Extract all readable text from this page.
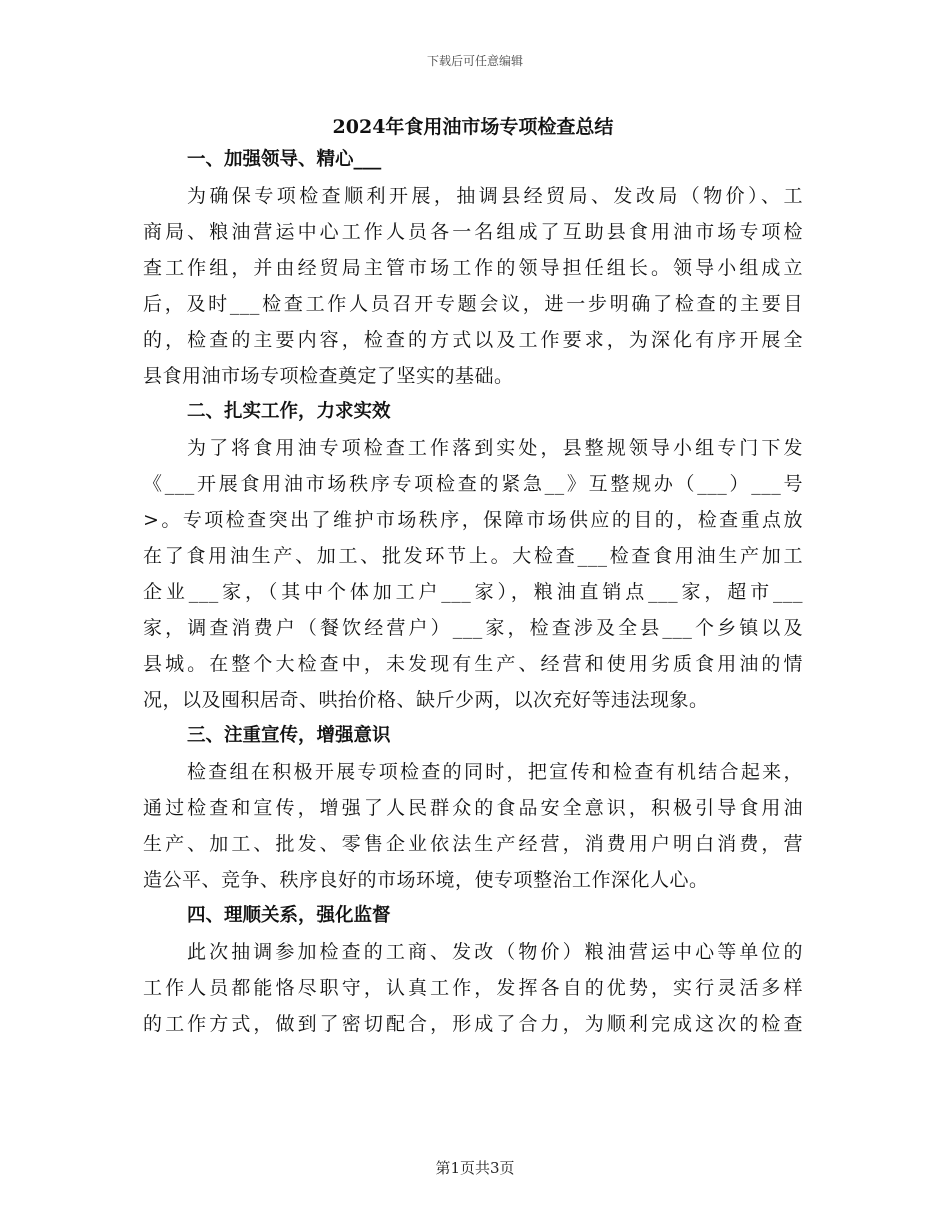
下载后可任意编辑
2024年食用油市场专项检查总结
一、加强领导、精心___

为确保专项检查顺利开展，抽调县经贸局、发改局（物价）、工

商局、粮油营运中心工作人员各一名组成了互助县食用油市场专项检

查工作组，并由经贸局主管市场工作的领导担任组长。领导小组成立

后，及时___检查工作人员召开专题会议，进一步明确了检查的主要目

的，检查的主要内容，检查的方式以及工作要求，为深化有序开展全

县食用油市场专项检查奠定了坚实的基础。

二、扎实工作，力求实效

为了将食用油专项检查工作落到实处，县整规领导小组专门下发

《___开展食用油市场秩序专项检查的紧急__》互整规办（___）___号

>。专项检查突出了维护市场秩序，保障市场供应的目的，检查重点放

在了食用油生产、加工、批发环节上。大检查___检查食用油生产加工

企业___家，（其中个体加工户___家），粮油直销点___家，超市___

家，调查消费户（餐饮经营户）___家，检查涉及全县___个乡镇以及

县城。在整个大检查中，未发现有生产、经营和使用劣质食用油的情

况，以及囤积居奇、哄抬价格、缺斤少两，以次充好等违法现象。

三、注重宣传，增强意识

检查组在积极开展专项检查的同时，把宣传和检查有机结合起来，

通过检查和宣传，增强了人民群众的食品安全意识，积极引导食用油

生产、加工、批发、零售企业依法生产经营，消费用户明白消费，营

造公平、竞争、秩序良好的市场环境，使专项整治工作深化人心。

四、理顺关系，强化监督

此次抽调参加检查的工商、发改（物价）粮油营运中心等单位的

工作人员都能恪尽职守，认真工作，发挥各自的优势，实行灵活多样

的工作方式，做到了密切配合，形成了合力，为顺利完成这次的检查

第1页共3页
